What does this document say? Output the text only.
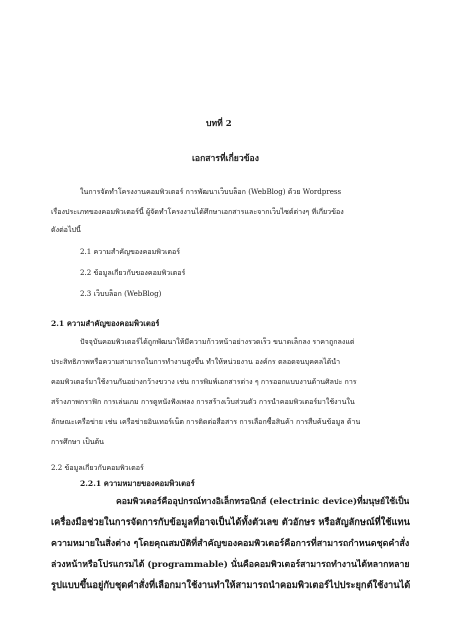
บทที่ 2
เอกสารที่เกี่ยวข้อง
ในการจัดทำโครงงานคอมพิวเตอร์ การพัฒนาเว็บบล็อก (WebBlog) ด้วย Wordpress
เรื่องประเภทของคอมพิวเตอร์นี้ ผู้จัดทำโครงงานได้ศึกษาเอกสารและจากเว็บไซต์ต่างๆ ที่เกี่ยวข้อง
ดังต่อไปนี้
2.1 ความสำคัญของคอมพิวเตอร์
2.2 ข้อมูลเกี่ยวกับของคอมพิวเตอร์
2.3 เว็บบล็อก (WebBlog)
2.1 ความสำคัญของคอมพิวเตอร์
ปัจจุบันคอมพิวเตอร์ได้ถูกพัฒนาให้มีความก้าวหน้าอย่างรวดเร็ว ขนาดเล็กลง ราคาถูกลงแต่
ประสิทธิภาพหรือความสามารถในการทำงานสูงขึ้น ทำให้หน่วยงาน องค์กร ตลอดจนบุคคลได้นำ
คอมพิวเตอร์มาใช้งานกันอย่างกว้างขวาง เช่น การพิมพ์เอกสารต่าง ๆ การออกแบบงานด้านศิลปะ การ
สร้างภาพกราฟิก การเล่นเกม การดูหนังฟังเพลง การสร้างเว็บส่วนตัว การนำคอมพิวเตอร์มาใช้งานใน
ลักษณะเครือข่าย เช่น เครือข่ายอินเทอร์เน็ต การติดต่อสื่อสาร การเลือกซื้อสินค้า การสืบค้นข้อมูล ด้าน
การศึกษา เป็นต้น
2.2 ข้อมูลเกี่ยวกับคอมพิวเตอร์
2.2.1 ความหมายของคอมพิวเตอร์
คอมพิวเตอร์คืออุปกรณ์ทางอิเล็กทรอนิกส์ (electrinic device)ที่มนุษย์ใช้เป็น
เครื่องมือช่วยในการจัดการกับข้อมูลที่อาจเป็นได้ทั้งตัวเลข ตัวอักษร หรือสัญลักษณ์ที่ใช้แทน
ความหมายในสิ่งต่าง ๆโดยคุณสมบัติที่สำคัญของคอมพิวเตอร์คือการที่สามารถกำหนดชุดคำสั่ง
ล่วงหน้าหรือโปรแกรมได้ (programmable) นั่นคือคอมพิวเตอร์สามารถทำงานได้หลากหลาย
รูปแบบขึ้นอยู่กับชุดคำสั่งที่เลือกมาใช้งานทำให้สามารถนำคอมพิวเตอร์ไปประยุกต์ใช้งานได้
